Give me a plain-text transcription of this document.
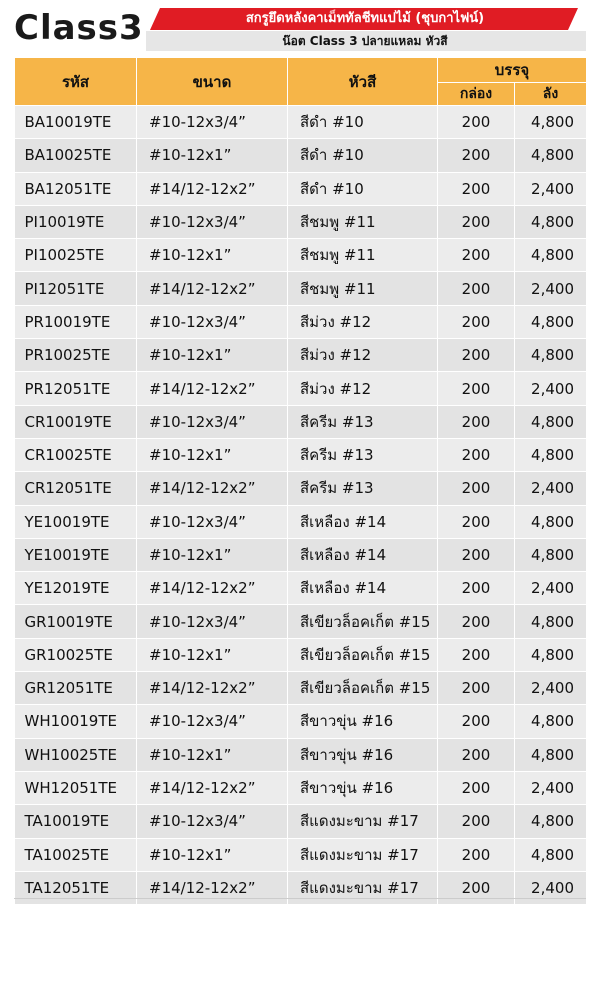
Class3	สกรูยึดหลังคาเม็ททัลชีทแปไม้ (ชุบกาไฟน์)
น๊อต Class 3 ปลายแหลม หัวสี
รหัส	ขนาด	หัวสี	บรรจุ	
			กล่อง	ลัง
BA10019TE	#10-12x3/4”	สีดำ #10	200	4,800
BA10025TE	#10-12x1”	สีดำ #10	200	4,800
BA12051TE	#14/12-12x2”	สีดำ #10	200	2,400
PI10019TE	#10-12x3/4”	สีชมพู #11	200	4,800
PI10025TE	#10-12x1”	สีชมพู #11	200	4,800
PI12051TE	#14/12-12x2”	สีชมพู #11	200	2,400
PR10019TE	#10-12x3/4”	สีม่วง #12	200	4,800
PR10025TE	#10-12x1”	สีม่วง #12	200	4,800
PR12051TE	#14/12-12x2”	สีม่วง #12	200	2,400
CR10019TE	#10-12x3/4”	สีครีม #13	200	4,800
CR10025TE	#10-12x1”	สีครีม #13	200	4,800
CR12051TE	#14/12-12x2”	สีครีม #13	200	2,400
YE10019TE	#10-12x3/4”	สีเหลือง #14	200	4,800
YE10019TE	#10-12x1”	สีเหลือง #14	200	4,800
YE12019TE	#14/12-12x2”	สีเหลือง #14	200	2,400
GR10019TE	#10-12x3/4”	สีเขียวล็อคเก็ต #15	200	4,800
GR10025TE	#10-12x1”	สีเขียวล็อคเก็ต #15	200	4,800
GR12051TE	#14/12-12x2”	สีเขียวล็อคเก็ต #15	200	2,400
WH10019TE	#10-12x3/4”	สีขาวขุ่น #16	200	4,800
WH10025TE	#10-12x1”	สีขาวขุ่น #16	200	4,800
WH12051TE	#14/12-12x2”	สีขาวขุ่น #16	200	2,400
TA10019TE	#10-12x3/4”	สีแดงมะขาม #17	200	4,800
TA10025TE	#10-12x1”	สีแดงมะขาม #17	200	4,800
TA12051TE	#14/12-12x2”	สีแดงมะขาม #17	200	2,400
